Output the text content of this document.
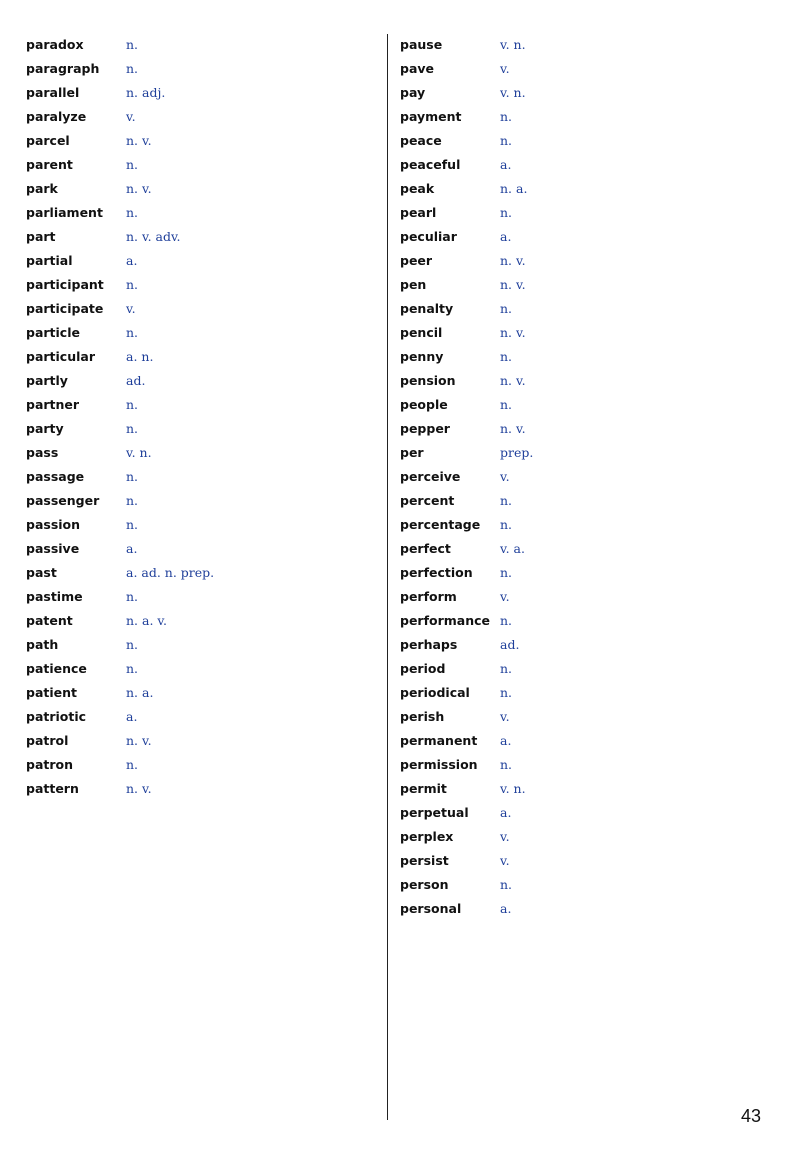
paradox	n.
paragraph	n.
parallel	n. adj.
paralyze	v.
parcel	n. v.
parent	n.
park	n. v.
parliament	n.
part	n. v. adv.
partial	a.
participant	n.
participate	v.
particle	n.
particular	a. n.
partly	ad.
partner	n.
party	n.
pass	v. n.
passage	n.
passenger	n.
passion	n.
passive	a.
past	a. ad. n. prep.
pastime	n.
patent	n. a. v.
path	n.
patience	n.
patient	n. a.
patriotic	a.
patrol	n. v.
patron	n.
pattern	n. v.
pause	v. n.
pave	v.
pay	v. n.
payment	n.
peace	n.
peaceful	a.
peak	n. a.
pearl	n.
peculiar	a.
peer	n. v.
pen	n. v.
penalty	n.
pencil	n. v.
penny	n.
pension	n. v.
people	n.
pepper	n. v.
per	prep.
perceive	v.
percent	n.
percentage	n.
perfect	v. a.
perfection	n.
perform	v.
performance n.
perhaps	ad.
period	n.
periodical	n.
perish	v.
permanent	a.
permission	n.
permit	v. n.
perpetual	a.
perplex	v.
persist	v.
person	n.
personal	a.
43
